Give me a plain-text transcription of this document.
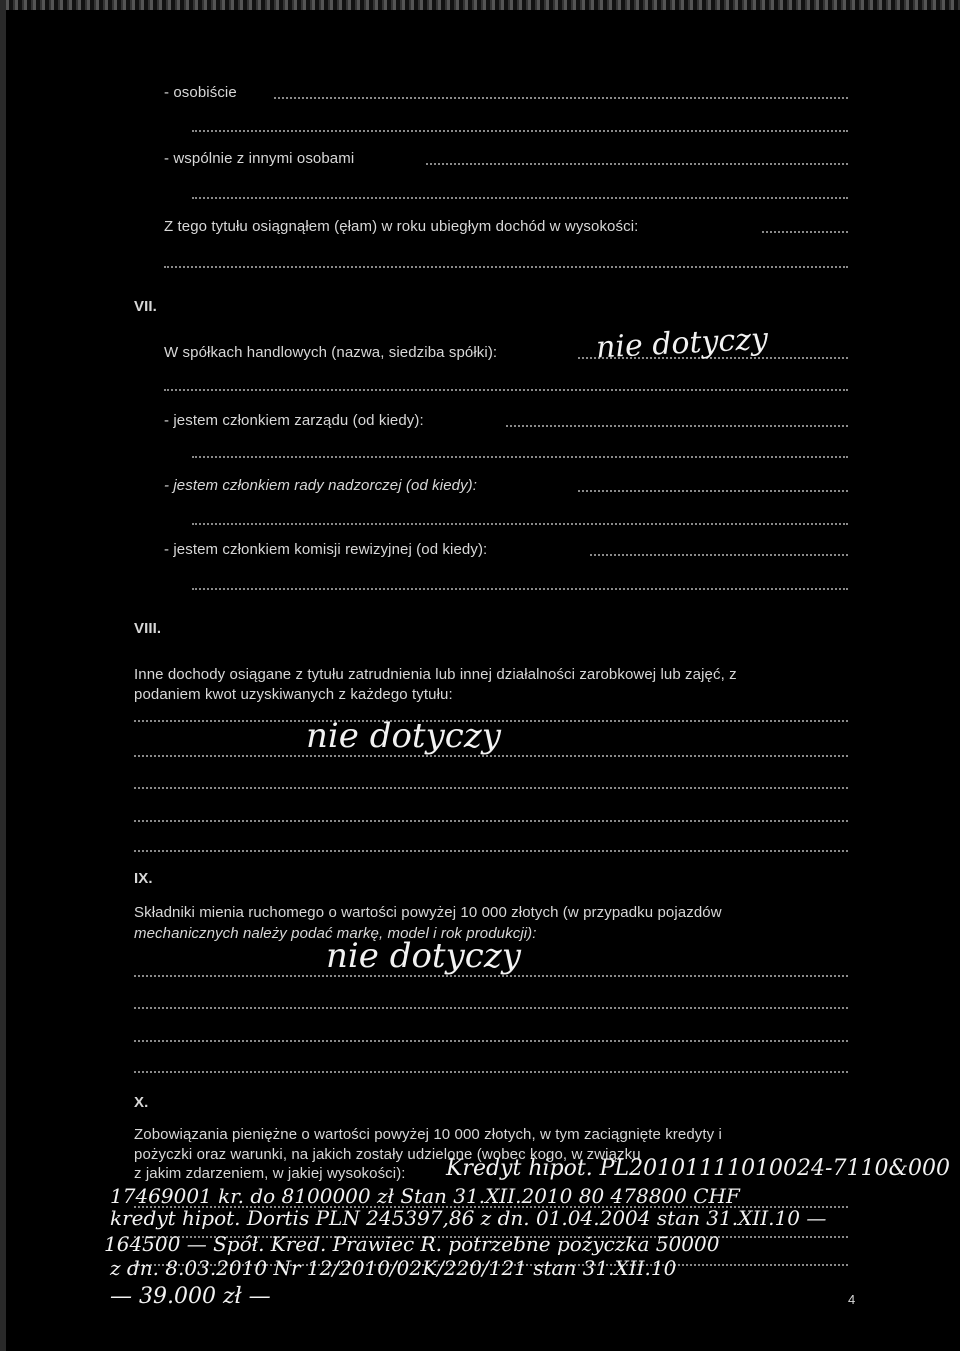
- osobiście
- wspólnie z innymi osobami
Z tego tytułu osiągnąłem (ęłam) w roku ubiegłym dochód w wysokości:
VII.
W spółkach handlowych (nazwa, siedziba spółki):	nie dotyczy
- jestem członkiem zarządu (od kiedy):
- jestem członkiem rady nadzorczej (od kiedy):
- jestem członkiem komisji rewizyjnej (od kiedy):
VIII.
Inne dochody osiągane z tytułu zatrudnienia lub innej działalności zarobkowej lub zajęć, z
podaniem kwot uzyskiwanych z każdego tytułu:
nie dotyczy
IX.
Składniki mienia ruchomego o wartości powyżej 10 000 złotych (w przypadku pojazdów
mechanicznych należy podać markę, model i rok produkcji):
nie dotyczy
X.
Zobowiązania pieniężne o wartości powyżej 10 000 złotych, w tym zaciągnięte kredyty i
pożyczki oraz warunki, na jakich zostały udzielone (wobec kogo, w związku
z jakim zdarzeniem, w jakiej wysokości): Kredyt hipot. PL20101111010024-7110&000
17469001 kr. do 8100000 zł Stan 31.XII.2010 80 478800 CHF
kredyt hipot. Dortis PLN 245397,86 z dn. 01.04.2004 stan 31.XII.10 —
164500 — Spół. Kred. Prawiec R. potrzebne pożyczka 50000
z dn. 8.03.2010 Nr 12/2010/02K/220/121 stan 31.XII.10
— 39.000 zł —	4
